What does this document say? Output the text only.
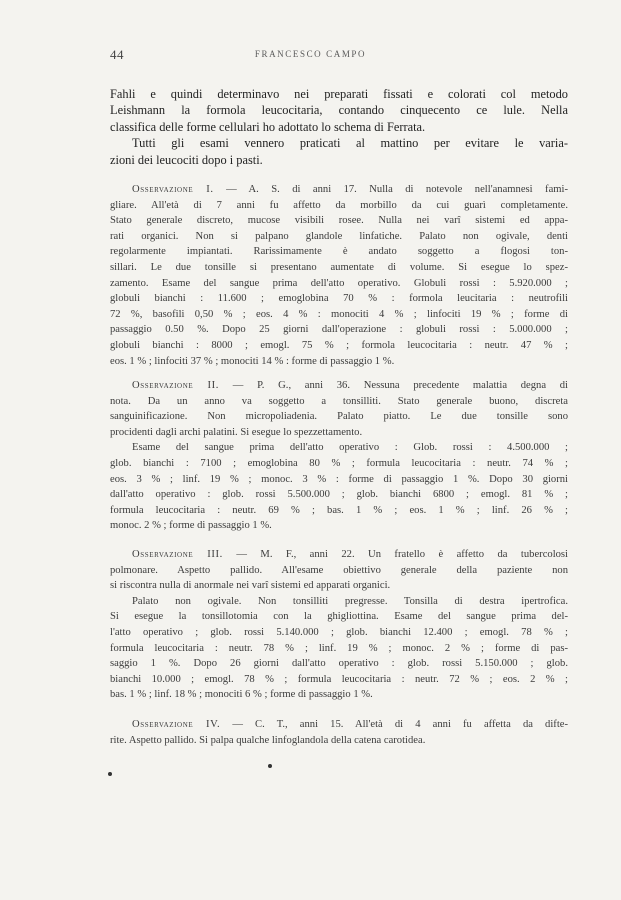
44	FRANCESCO CAMPO
Fahli e quindi determinavo nei preparati fissati e colorati col metodo
Leishmann la formola leucocitaria, contando cinquecento ce lule. Nella
classifica delle forme cellulari ho adottato lo schema di Ferrata.
Tutti gli esami vennero praticati al mattino per evitare le varia-
zioni dei leucociti dopo i pasti.
Osservazione I. — A. S. di anni 17. Nulla di notevole nell'anamnesi fami-
gliare. All'età di 7 anni fu affetto da morbillo da cui guarì completamente.
Stato generale discreto, mucose visibili rosee. Nulla nei varî sistemi ed appa-
rati organici. Non si palpano glandole linfatiche. Palato non ogivale, denti
regolarmente impiantati. Rarissimamente è andato soggetto a flogosi ton-
sillari. Le due tonsille si presentano aumentate di volume. Si esegue lo spez-
zamento. Esame del sangue prima dell'atto operativo. Globuli rossi : 5.920.000 ;
globuli bianchi : 11.600 ; emoglobina 70 % : formola leucitaria : neutrofili
72 %, basofili 0,50 % ; eos. 4 % : monociti 4 % ; linfociti 19 % ; forme di
passaggio 0.50 %. Dopo 25 giorni dall'operazione : globuli rossi : 5.000.000 ;
globuli bianchi : 8000 ; emogl. 75 % ; formola leucocitaria : neutr. 47 % ;
eos. 1 % ; linfociti 37 % ; monociti 14 % : forme di passaggio 1 %.
Osservazione II. — P. G., anni 36. Nessuna precedente malattia degna di
nota. Da un anno va soggetto a tonsilliti. Stato generale buono, discreta
sanguinificazione. Non micropoliadenia. Palato piatto. Le due tonsille sono
procidenti dagli archi palatini. Si esegue lo spezzettamento.
Esame del sangue prima dell'atto operativo : Glob. rossi : 4.500.000 ;
glob. bianchi : 7100 ; emoglobina 80 % ; formula leucocitaria : neutr. 74 % ;
eos. 3 % ; linf. 19 % ; monoc. 3 % : forme di passaggio 1 %. Dopo 30 giorni
dall'atto operativo : glob. rossi 5.500.000 ; glob. bianchi 6800 ; emogl. 81 % ;
formula leucocitaria : neutr. 69 % ; bas. 1 % ; eos. 1 % ; linf. 26 % ;
monoc. 2 % ; forme di passaggio 1 %.
Osservazione III. — M. F., anni 22. Un fratello è affetto da tubercolosi
polmonare. Aspetto pallido. All'esame obiettivo generale della paziente non
si riscontra nulla di anormale nei varî sistemi ed apparati organici.
Palato non ogivale. Non tonsilliti pregresse. Tonsilla di destra ipertrofica.
Si esegue la tonsillotomia con la ghigliottina. Esame del sangue prima del-
l'atto operativo ; glob. rossi 5.140.000 ; glob. bianchi 12.400 ; emogl. 78 % ;
formula leucocitaria : neutr. 78 % ; linf. 19 % ; monoc. 2 % ; forme di pas-
saggio 1 %. Dopo 26 giorni dall'atto operativo : glob. rossi 5.150.000 ; glob.
bianchi 10.000 ; emogl. 78 % ; formula leucocitaria : neutr. 72 % ; eos. 2 % ;
bas. 1 % ; linf. 18 % ; monociti 6 % ; forme di passaggio 1 %.
Osservazione IV. — C. T., anni 15. All'età di 4 anni fu affetta da difte-
rite. Aspetto pallido. Si palpa qualche linfoglandola della catena carotidea.
